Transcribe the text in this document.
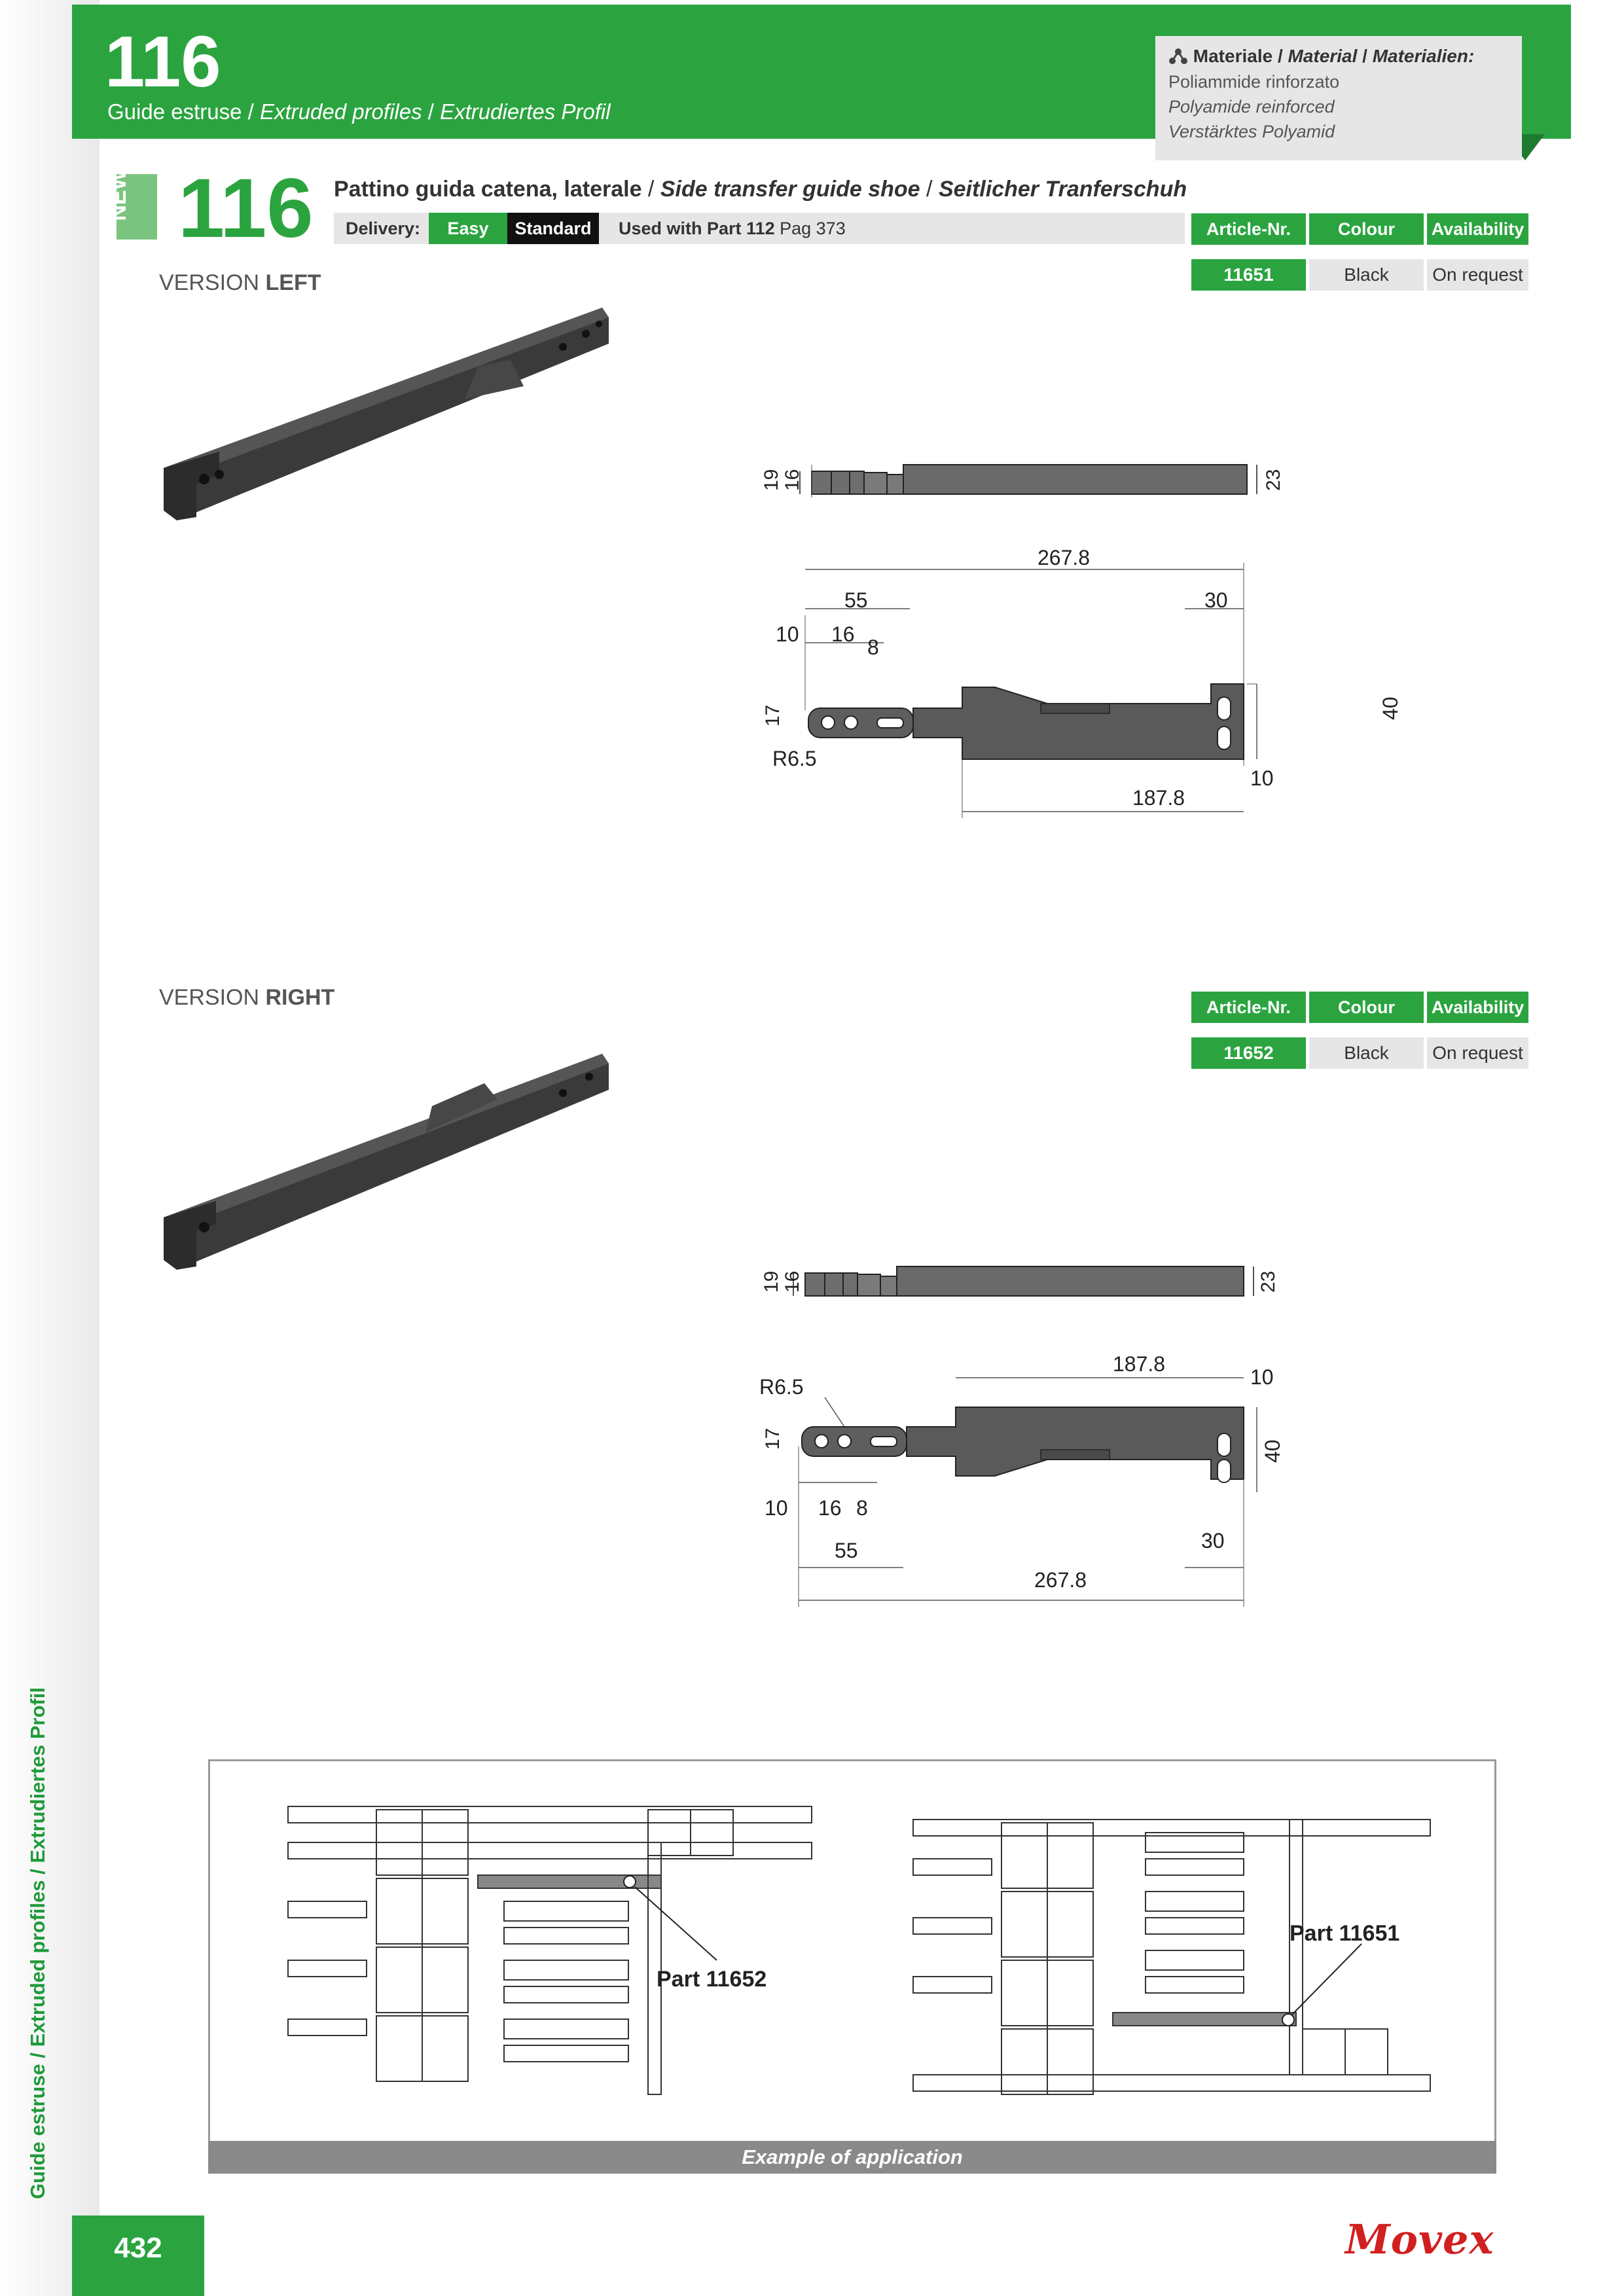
Guide estruse / Extruded profiles / Extrudiertes Profil
432
116
Guide estruse / Extruded profiles / Extrudiertes Profil
Materiale / Material / Materialien:
Poliammide rinforzato
Polyamide reinforced
Verstärktes Polyamid
NEW 116 Pattino guida catena, laterale / Side transfer guide shoe / Seitlicher Tranferschuh
Delivery:	Easy	Standard	Used with Part 112 Pag 373
VERSION LEFT
Article-Nr.	Colour	Availability
11651	Black	On request
19 16	23
267.8
55	30
10 16
8
40
17
R6.5
10
187.8
VERSION RIGHT	Article-Nr.	Colour	Availability
11652	Black	On request
19 16	23
187.8
10
R6.5
40
17
10 16 8
55	30
267.8
Part 11652
Part 11651
Example of application
Movex
